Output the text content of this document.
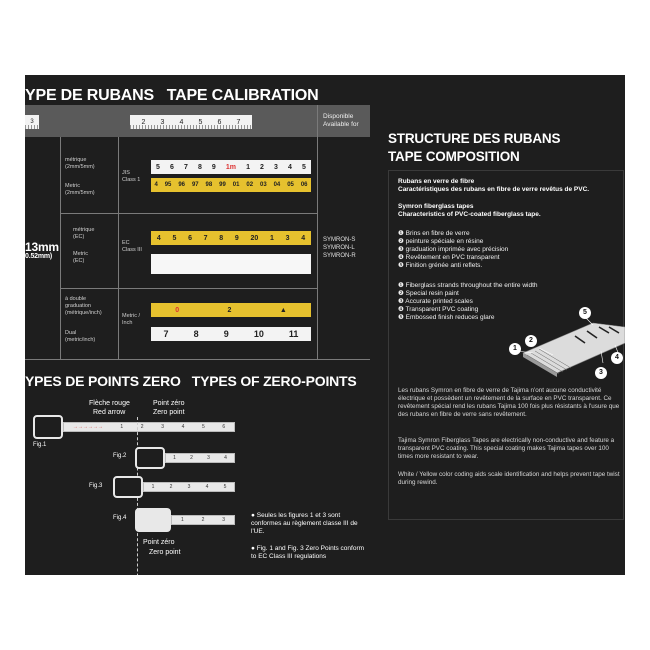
YPE DE RUBANS   TAPE CALIBRATION
3	2 3 4 5 6 7
Disponible
Available for
13mm
0.52mm)
métrique
(2mm/5mm)
Metric
(2mm/5mm)
JIS
Class 1
5 6 7 8 9 1m 1 2 3 4 5
4 95 96 97 98 99 01 02 03 04 05 06
métrique
(EC)
Metric
(EC)
EC
Class III
4 5 6 7 8 9 20 1 3 4	SYMRON-S
SYMRON-L
SYMRON-R
à double
graduation
(métrique/inch)
Dual
(metric/inch)
Metric /
Inch
0	2	▲
7	8	9	10	11
YPES DE POINTS ZERO   TYPES OF ZERO-POINTS
Flèche rouge
Red arrow
Point zéro
Zero point
→→→→→→	1	2	3	4	5	6
Fig.1
Fig.2	1	2	3	4
Fig.3	1	2	3	4	5
Fig.4	1	2	3
Point zéro
Zero point
● Seules les figures 1 et 3 sont conformes au règlement classe III de l'UE.
● Fig. 1 and Fig. 3 Zero Points conform to EC Class III regulations
STRUCTURE DES RUBANS
TAPE COMPOSITION
Rubans en verre de fibre
Caractéristiques des rubans en fibre de verre revêtus de PVC.
Symron fiberglass tapes
Characteristics of PVC-coated fiberglass tape.
❶ Brins en fibre de verre
❷ peinture spéciale en résine
❸ graduation imprimée avec précision
❹ Revêtement en PVC transparent
❺ Finition grénée anti reflets.
❶ Fiberglass strands throughout the entire width
❷ Special resin paint
❸ Accurate printed scales
❹ Transparent PVC coating
❺ Embossed finish reduces glare
1
2
3
4
5
Les rubans Symron en fibre de verre de Tajima n'ont aucune conductivité électrique et possèdent un revêtement de la surface en PVC transparent. Ce revêtement spécial rend les rubans Tajima 100 fois plus résistants à l'usure que des rubans en fibre de verre sans revêtement.
Tajima Symron Fiberglass Tapes are electrically non-conductive and feature a transparent PVC coating. This special coating makes Tajima tapes over 100 times more resistant to wear.
White / Yellow color coding aids scale identification and helps prevent tape twist during rewind.
